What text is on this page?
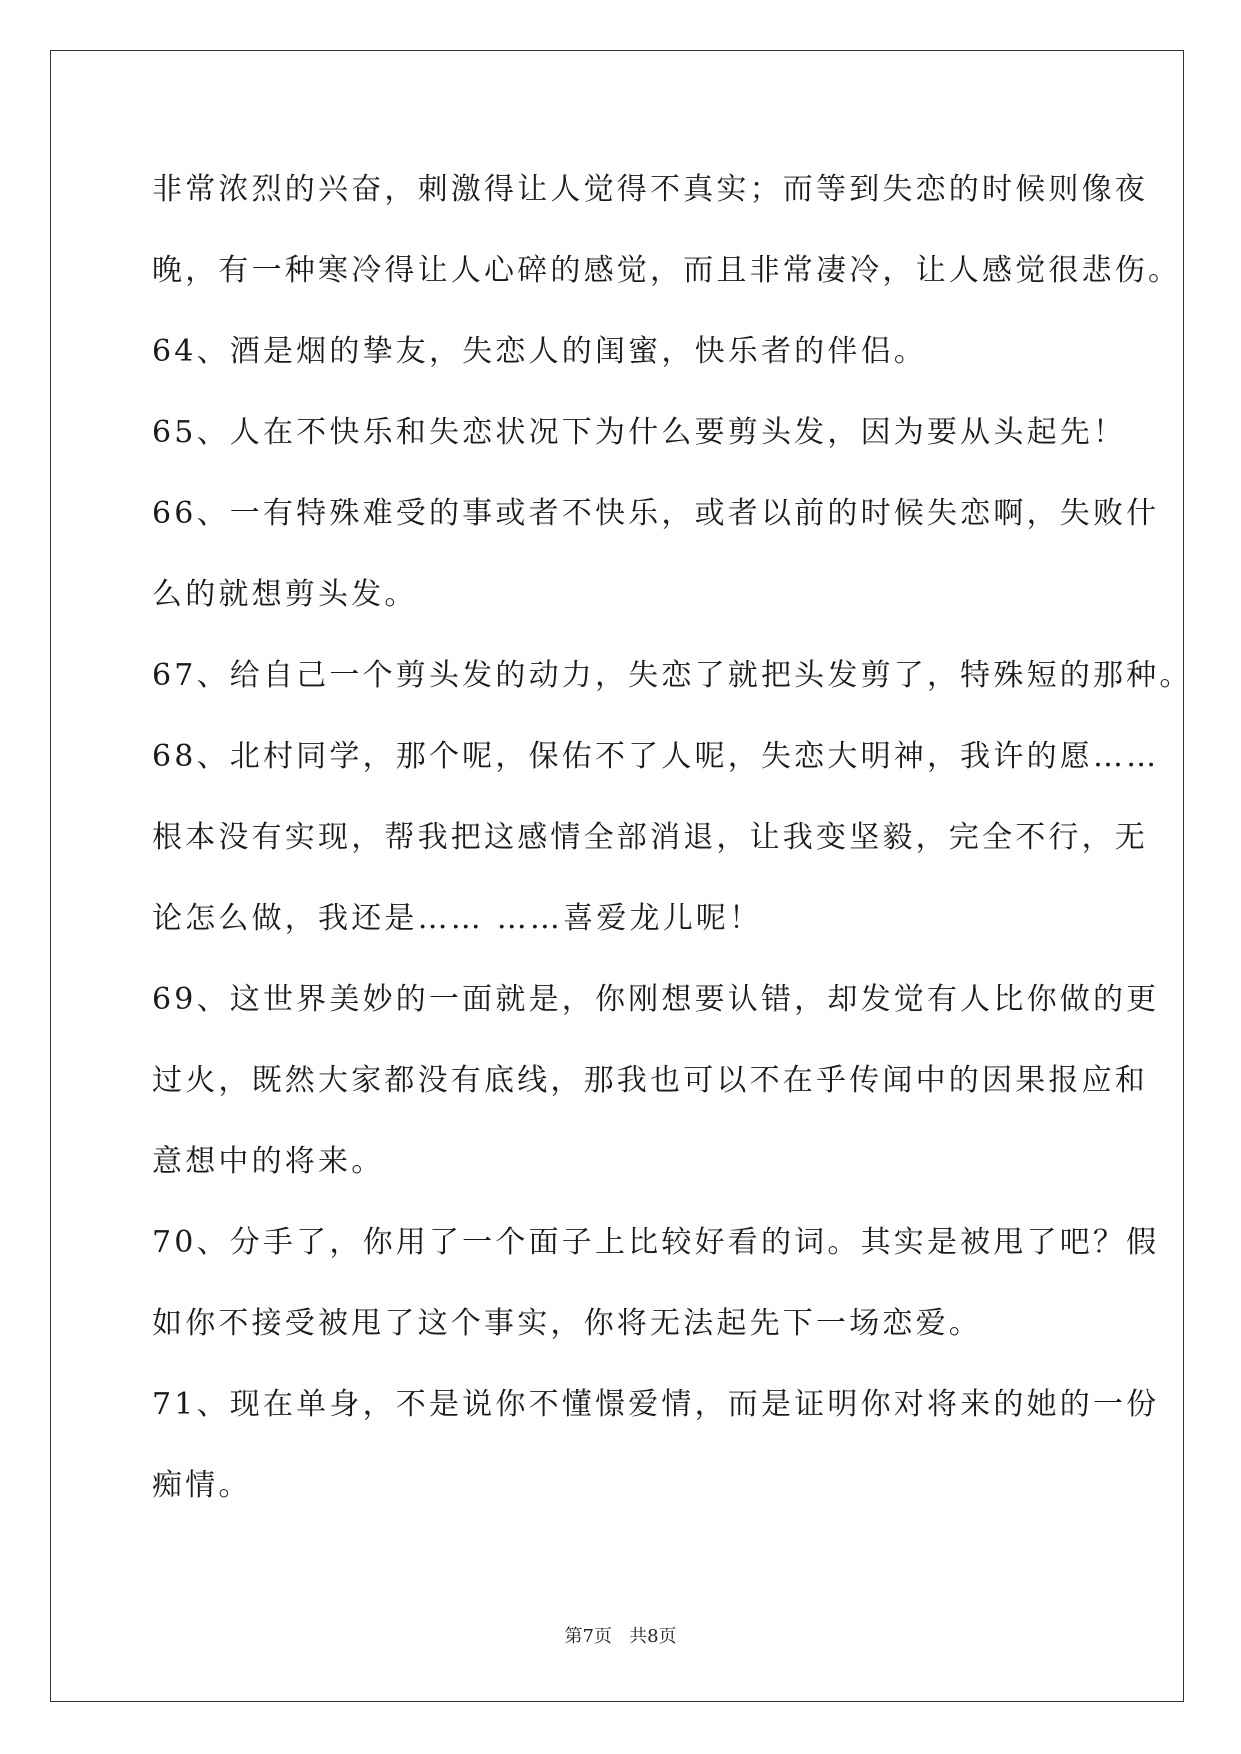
非常浓烈的兴奋，刺激得让人觉得不真实；而等到失恋的时候则像夜
晚，有一种寒冷得让人心碎的感觉，而且非常凄冷，让人感觉很悲伤。
64、酒是烟的挚友，失恋人的闺蜜，快乐者的伴侣。
65、人在不快乐和失恋状况下为什么要剪头发，因为要从头起先！
66、一有特殊难受的事或者不快乐，或者以前的时候失恋啊，失败什
么的就想剪头发。
67、给自己一个剪头发的动力，失恋了就把头发剪了，特殊短的那种。
68、北村同学，那个呢，保佑不了人呢，失恋大明神，我许的愿……
根本没有实现，帮我把这感情全部消退，让我变坚毅，完全不行，无
论怎么做，我还是…… ……喜爱龙儿呢！
69、这世界美妙的一面就是，你刚想要认错，却发觉有人比你做的更
过火，既然大家都没有底线，那我也可以不在乎传闻中的因果报应和
意想中的将来。
70、分手了，你用了一个面子上比较好看的词。其实是被甩了吧？假
如你不接受被甩了这个事实，你将无法起先下一场恋爱。
71、现在单身，不是说你不懂憬爱情，而是证明你对将来的她的一份
痴情。
第7页   共8页
